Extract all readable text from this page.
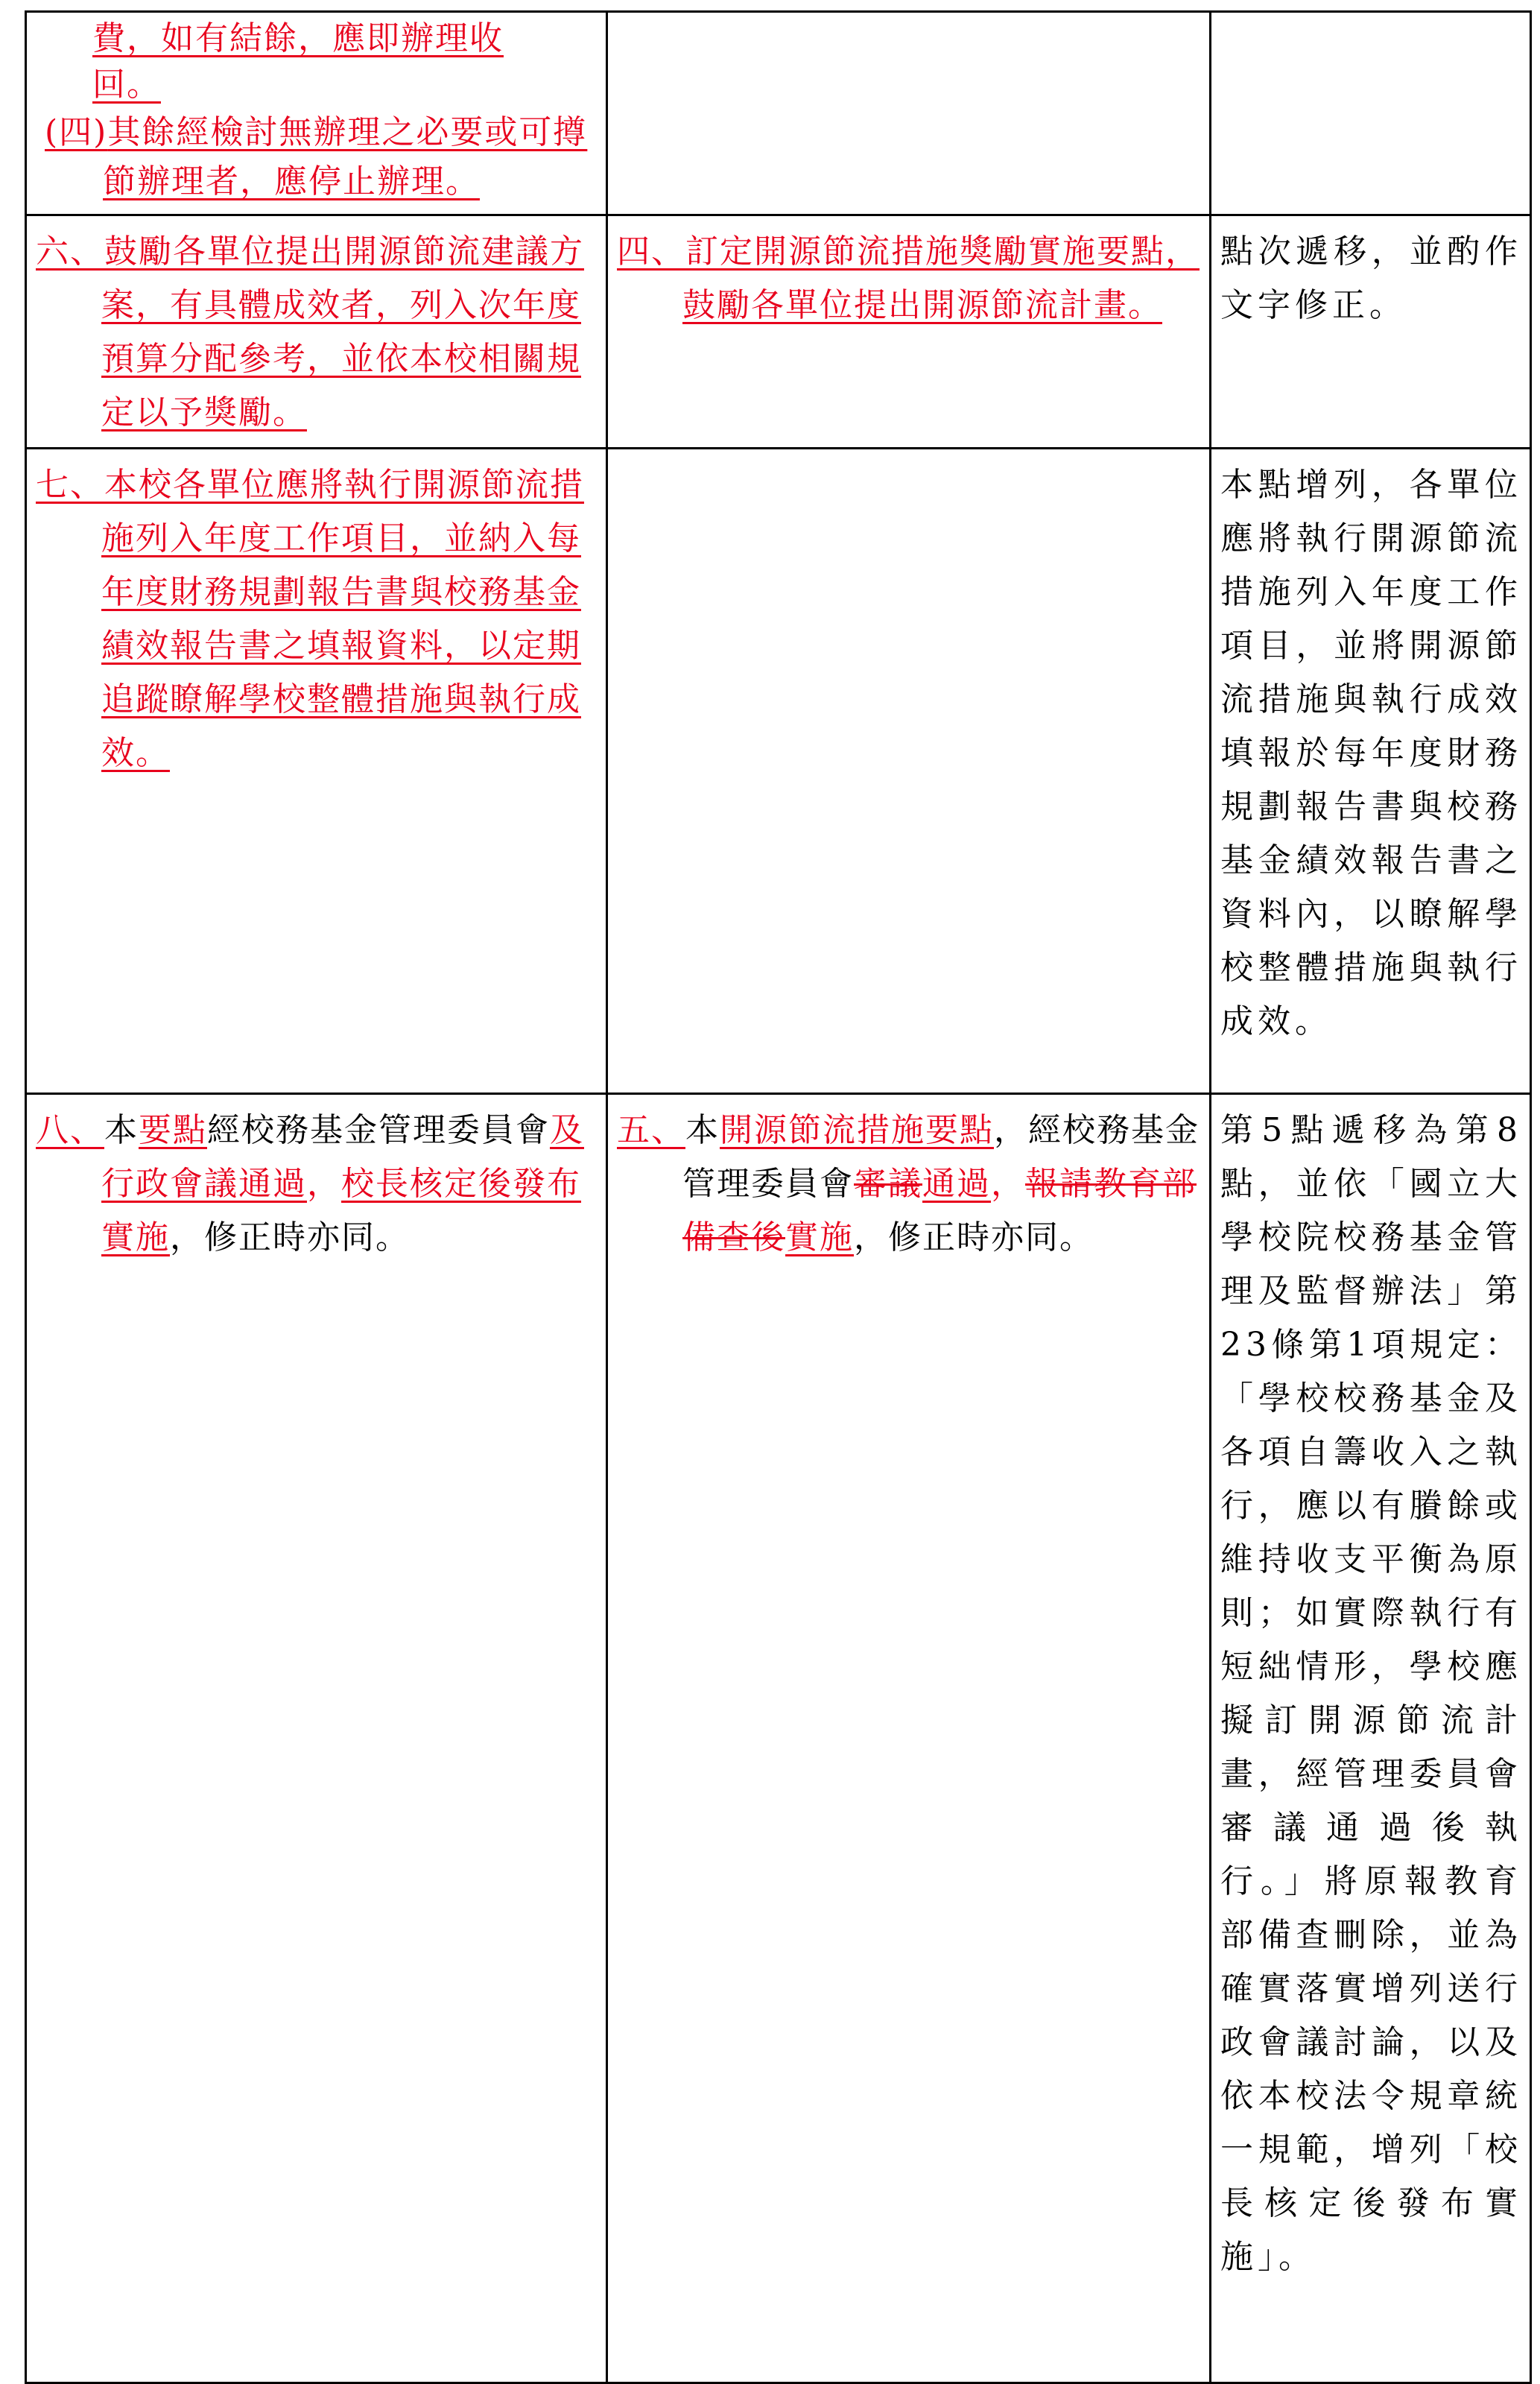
費，如有結餘，應即辦理收
回。
(四)其餘經檢討無辦理之必要或可撙節辦理者，應停止辦理。		

六、鼓勵各單位提出開源節流建議方案，有具體成效者，列入次年度預算分配參考，並依本校相關規定以予獎勵。	四、訂定開源節流措施獎勵實施要點，鼓勵各單位提出開源節流計畫。	點次遞移，並酌作文字修正。

七、本校各單位應將執行開源節流措施列入年度工作項目，並納入每年度財務規劃報告書與校務基金績效報告書之填報資料，以定期追蹤瞭解學校整體措施與執行成效。		本點增列，各單位應將執行開源節流措施列入年度工作項目，並將開源節流措施與執行成效填報於每年度財務規劃報告書與校務基金績效報告書之資料內，以瞭解學校整體措施與執行成效。

八、本要點經校務基金管理委員會及行政會議通過，校長核定後發布實施，修正時亦同。	五、本開源節流措施要點，經校務基金管理委員會審議通過，報請教育部備查後實施，修正時亦同。	第5點遞移為第8點，並依「國立大學校院校務基金管理及監督辦法」第23條第1項規定：「學校校務基金及各項自籌收入之執行，應以有賸餘或維持收支平衡為原則；如實際執行有短絀情形，學校應擬訂開源節流計畫，經管理委員會審議通過後執行。」將原報教育部備查刪除，並為確實落實增列送行政會議討論，以及依本校法令規章統一規範，增列「校長核定後發布實施」。
